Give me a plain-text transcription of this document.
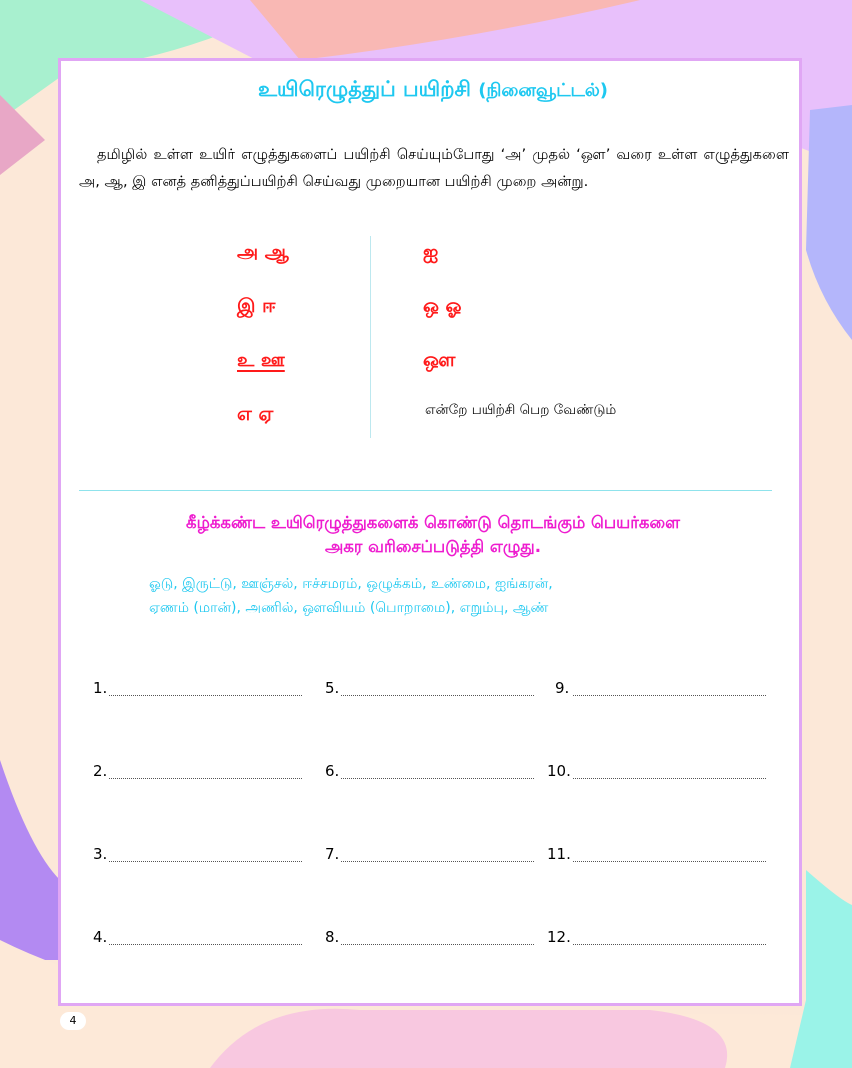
உயிரெழுத்துப் பயிற்சி (நினைவூட்டல்)

தமிழில் உள்ள உயிர் எழுத்துகளைப் பயிற்சி செய்யும்போது ‘அ’ முதல் ‘ஔ’ வரை உள்ள எழுத்துகளை அ, ஆ, இ எனத் தனித்துப்பயிற்சி செய்வது முறையான பயிற்சி முறை அன்று.

அ ஆ
இ ஈ
உ ஊ
எ ஏ
ஐ
ஒ ஓ
ஔ
என்றே பயிற்சி பெற வேண்டும்
கீழ்க்கண்ட உயிரெழுத்துகளைக் கொண்டு தொடங்கும் பெயர்களை
அகர வரிசைப்படுத்தி எழுது.
ஓடு, இருட்டு, ஊஞ்சல், ஈச்சமரம், ஒழுக்கம், உண்மை, ஐங்கரன்,
ஏணம் (மான்), அணில், ஔவியம் (பொறாமை), எறும்பு, ஆண்
1.
2.
3.
4.
5.
6.
7.
8.
9.
10.
11.
12.
4
